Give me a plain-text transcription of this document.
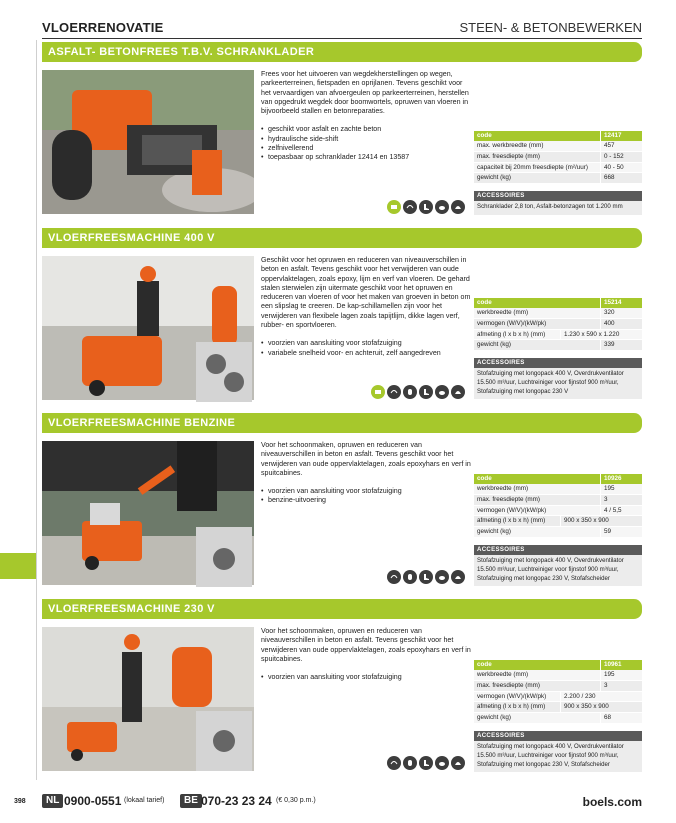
VLOERRENOVATIE	STEEN- & BETONBEWERKEN
ASFALT- BETONFREES T.B.V. SCHRANKLADER

Frees voor het uitvoeren van wegdekherstellingen op wegen, parkeerterreinen, fietspaden en oprijlanen. Tevens geschikt voor het vervaardigen van afvoergeulen op parkeerterreinen, herstellen van opgedrukt wegdek door boomwortels, opruwen van vloeren in bijvoorbeeld stallen en betonreparaties.

• geschikt voor asfalt en zachte beton
• hydraulische side-shift
• zelfnivellerend
• toepasbaar op schranklader 12414 en 13587
code	12417
max. werkbreedte (mm)	457
max. freesdiepte (mm)	0 - 152
capaciteit bij 20mm freesdiepte (m²/uur)	40 - 50
gewicht (kg)	668
ACCESSOIRES
Schranklader 2,8 ton, Asfalt-betonzagen tot 1.200 mm
VLOERFREESMACHINE 400 V

Geschikt voor het opruwen en reduceren van niveauverschillen in beton en asfalt. Tevens geschikt voor het verwijderen van oude oppervlaktelagen, zoals epoxy, lijm en verf van vloeren. De gehard stalen sterwielen zijn uitermate geschikt voor het opruwen en reduceren van vloeren of voor het maken van groeven in beton om een slipslag te creeren. De kap-schillamellen zijn voor het verwijderen van flexibele lagen zoals tapijtlijm, dikke lagen verf, rubber- en sportvloeren.

• voorzien van aansluiting voor stofafzuiging
• variabele snelheid voor- en achteruit, zelf aangedreven
code	15214
werkbreedte (mm)	320
vermogen (W/V)/(kW/pk)	400
afmeting (l x b x h) (mm)	1.230 x 590 x 1.220
gewicht (kg)	339
ACCESSOIRES
Stofafzuiging met longopack 400 V, Overdrukventilator 15.500 m³/uur, Luchtreiniger voor fijnstof 900 m³/uur, Stofafzuiging met longopac 230 V
VLOERFREESMACHINE BENZINE

Voor het schoonmaken, opruwen en reduceren van niveauverschillen in beton en asfalt. Tevens geschikt voor het verwijderen van oude oppervlaktelagen, zoals epoxyhars en verf in spuitcabines.

• voorzien van aansluiting voor stofafzuiging
• benzine-uitvoering
code	10926
werkbreedte (mm)	195
max. freesdiepte (mm)	3
vermogen (W/V)/(kW/pk)	4 / 5,5
afmeting (l x b x h) (mm)	900 x 350 x 900
gewicht (kg)	59
ACCESSOIRES
Stofafzuiging met longopack 400 V, Overdrukventilator 15.500 m³/uur, Luchtreiniger voor fijnstof 900 m³/uur, Stofafzuiging met longopac 230 V, Stofafscheider
VLOERFREESMACHINE 230 V

Voor het schoonmaken, opruwen en reduceren van niveauverschillen in beton en asfalt. Tevens geschikt voor het verwijderen van oude oppervlaktelagen, zoals epoxyhars en verf in spuitcabines.

• voorzien van aansluiting voor stofafzuiging
code	10961
werkbreedte (mm)	195
max. freesdiepte (mm)	3
vermogen (W/V)/(kW/pk)	2.200 / 230
afmeting (l x b x h) (mm)	900 x 350 x 900
gewicht (kg)	68
ACCESSOIRES
Stofafzuiging met longopack 400 V, Overdrukventilator 15.500 m³/uur, Luchtreiniger voor fijnstof 900 m³/uur, Stofafzuiging met longopac 230 V, Stofafscheider
398	NL 0900-0551 (lokaal tarief)	BE 070-23 23 24 (€ 0,30 p.m.)	boels.com
